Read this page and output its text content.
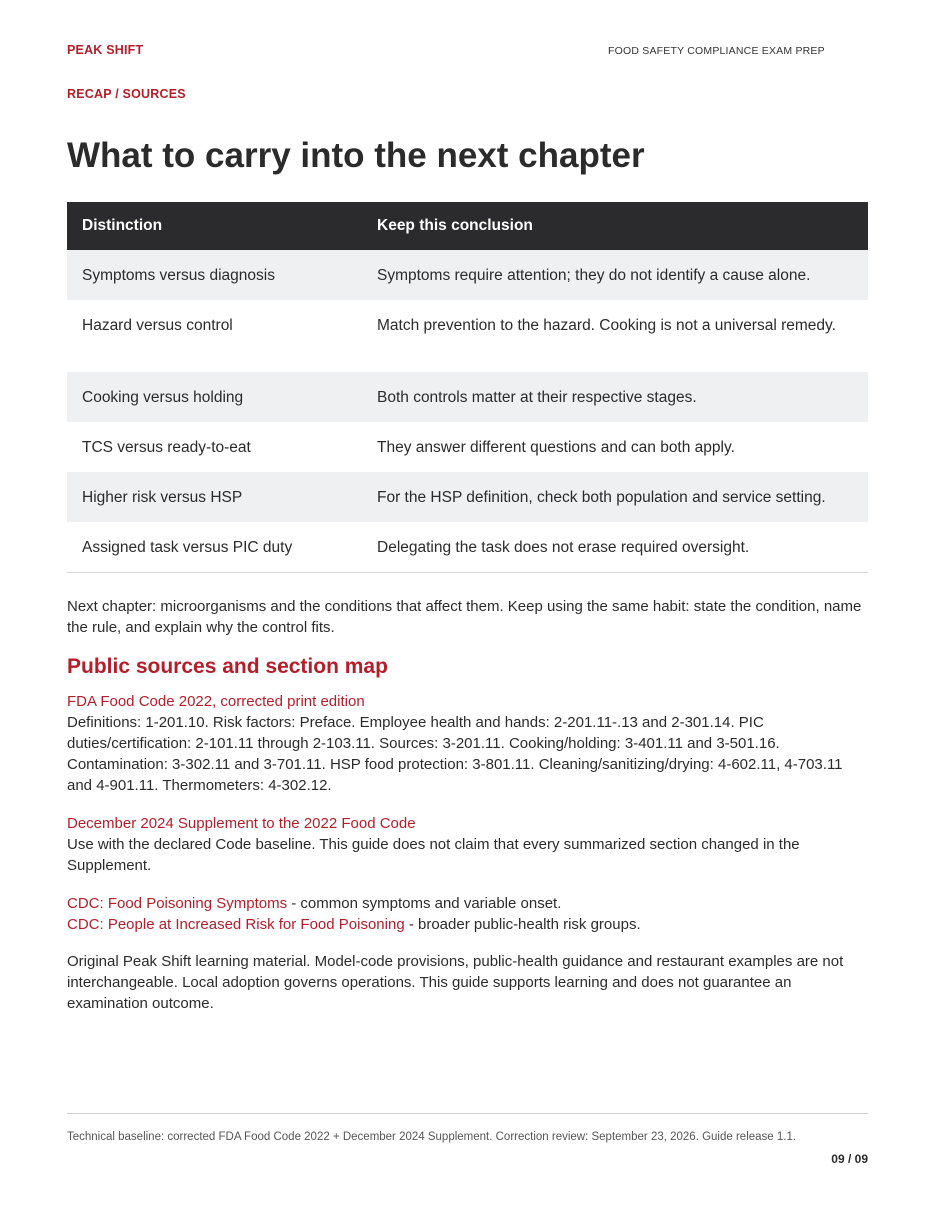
PEAK SHIFT	FOOD SAFETY COMPLIANCE EXAM PREP
RECAP / SOURCES
What to carry into the next chapter
Distinction	Keep this conclusion
Symptoms versus diagnosis	Symptoms require attention; they do not identify a cause alone.
Hazard versus control	Match prevention to the hazard. Cooking is not a universal remedy.
Cooking versus holding	Both controls matter at their respective stages.
TCS versus ready-to-eat	They answer different questions and can both apply.
Higher risk versus HSP	For the HSP definition, check both population and service setting.
Assigned task versus PIC duty	Delegating the task does not erase required oversight.

Next chapter: microorganisms and the conditions that affect them. Keep using the same habit: state the condition, name the rule, and explain why the control fits.

Public sources and section map

FDA Food Code 2022, corrected print edition
Definitions: 1-201.10. Risk factors: Preface. Employee health and hands: 2-201.11-.13 and 2-301.14. PIC duties/certification: 2-101.11 through 2-103.11. Sources: 3-201.11. Cooking/holding: 3-401.11 and 3-501.16. Contamination: 3-302.11 and 3-701.11. HSP food protection: 3-801.11. Cleaning/sanitizing/drying: 4-602.11, 4-703.11 and 4-901.11. Thermometers: 4-302.12.

December 2024 Supplement to the 2022 Food Code
Use with the declared Code baseline. This guide does not claim that every summarized section changed in the Supplement.

CDC: Food Poisoning Symptoms - common symptoms and variable onset.
CDC: People at Increased Risk for Food Poisoning - broader public-health risk groups.

Original Peak Shift learning material. Model-code provisions, public-health guidance and restaurant examples are not interchangeable. Local adoption governs operations. This guide supports learning and does not guarantee an examination outcome.

Technical baseline: corrected FDA Food Code 2022 + December 2024 Supplement. Correction review: September 23, 2026. Guide release 1.1.

09 / 09
